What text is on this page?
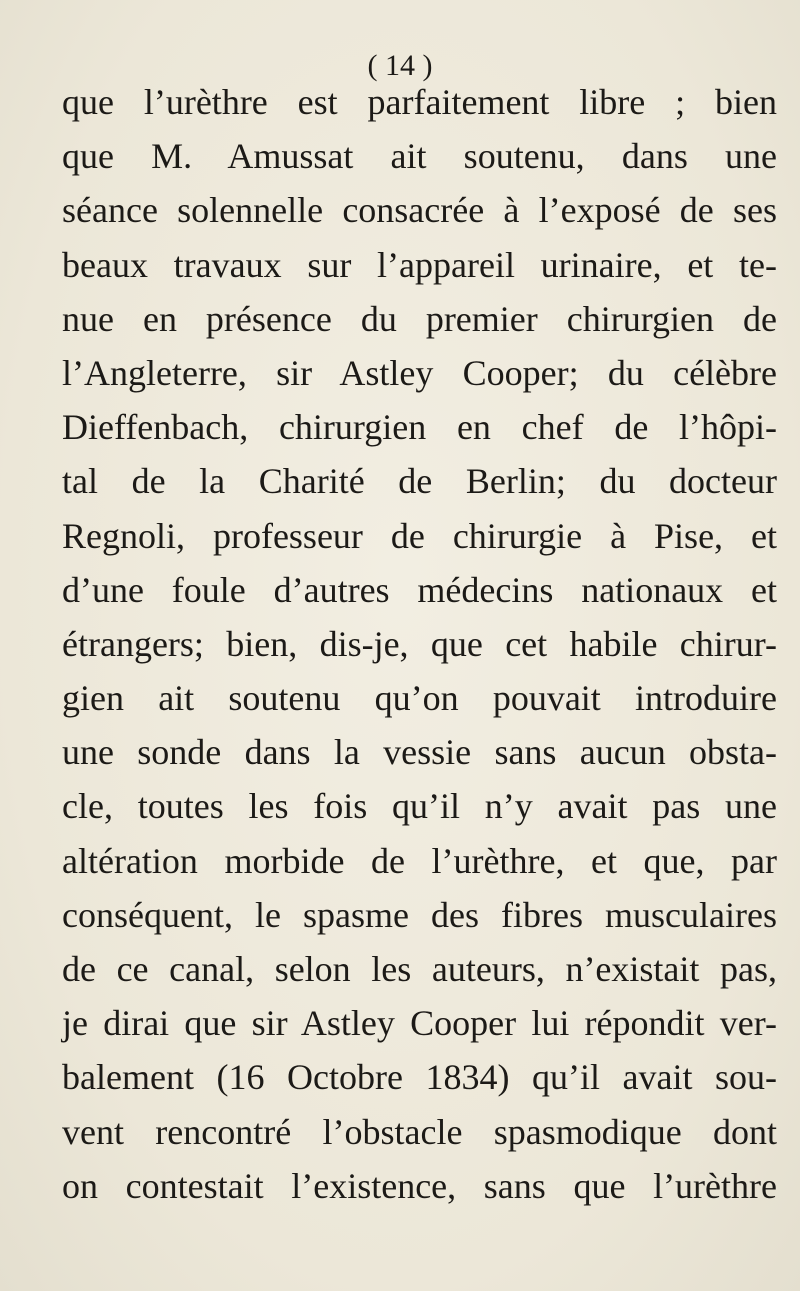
( 14 )
que l’urèthre est parfaitement libre ; bien
que M. Amussat ait soutenu, dans une
séance solennelle consacrée à l’exposé de ses
beaux travaux sur l’appareil urinaire, et te-
nue en présence du premier chirurgien de
l’Angleterre, sir Astley Cooper; du célèbre
Dieffenbach, chirurgien en chef de l’hôpi-
tal de la Charité de Berlin; du docteur
Regnoli, professeur de chirurgie à Pise, et
d’une foule d’autres médecins nationaux et
étrangers; bien, dis-je, que cet habile chirur-
gien ait soutenu qu’on pouvait introduire
une sonde dans la vessie sans aucun obsta-
cle, toutes les fois qu’il n’y avait pas une
altération morbide de l’urèthre, et que, par
conséquent, le spasme des fibres musculaires
de ce canal, selon les auteurs, n’existait pas,
je dirai que sir Astley Cooper lui répondit ver-
balement (16 Octobre 1834) qu’il avait sou-
vent rencontré l’obstacle spasmodique dont
on contestait l’existence, sans que l’urèthre
